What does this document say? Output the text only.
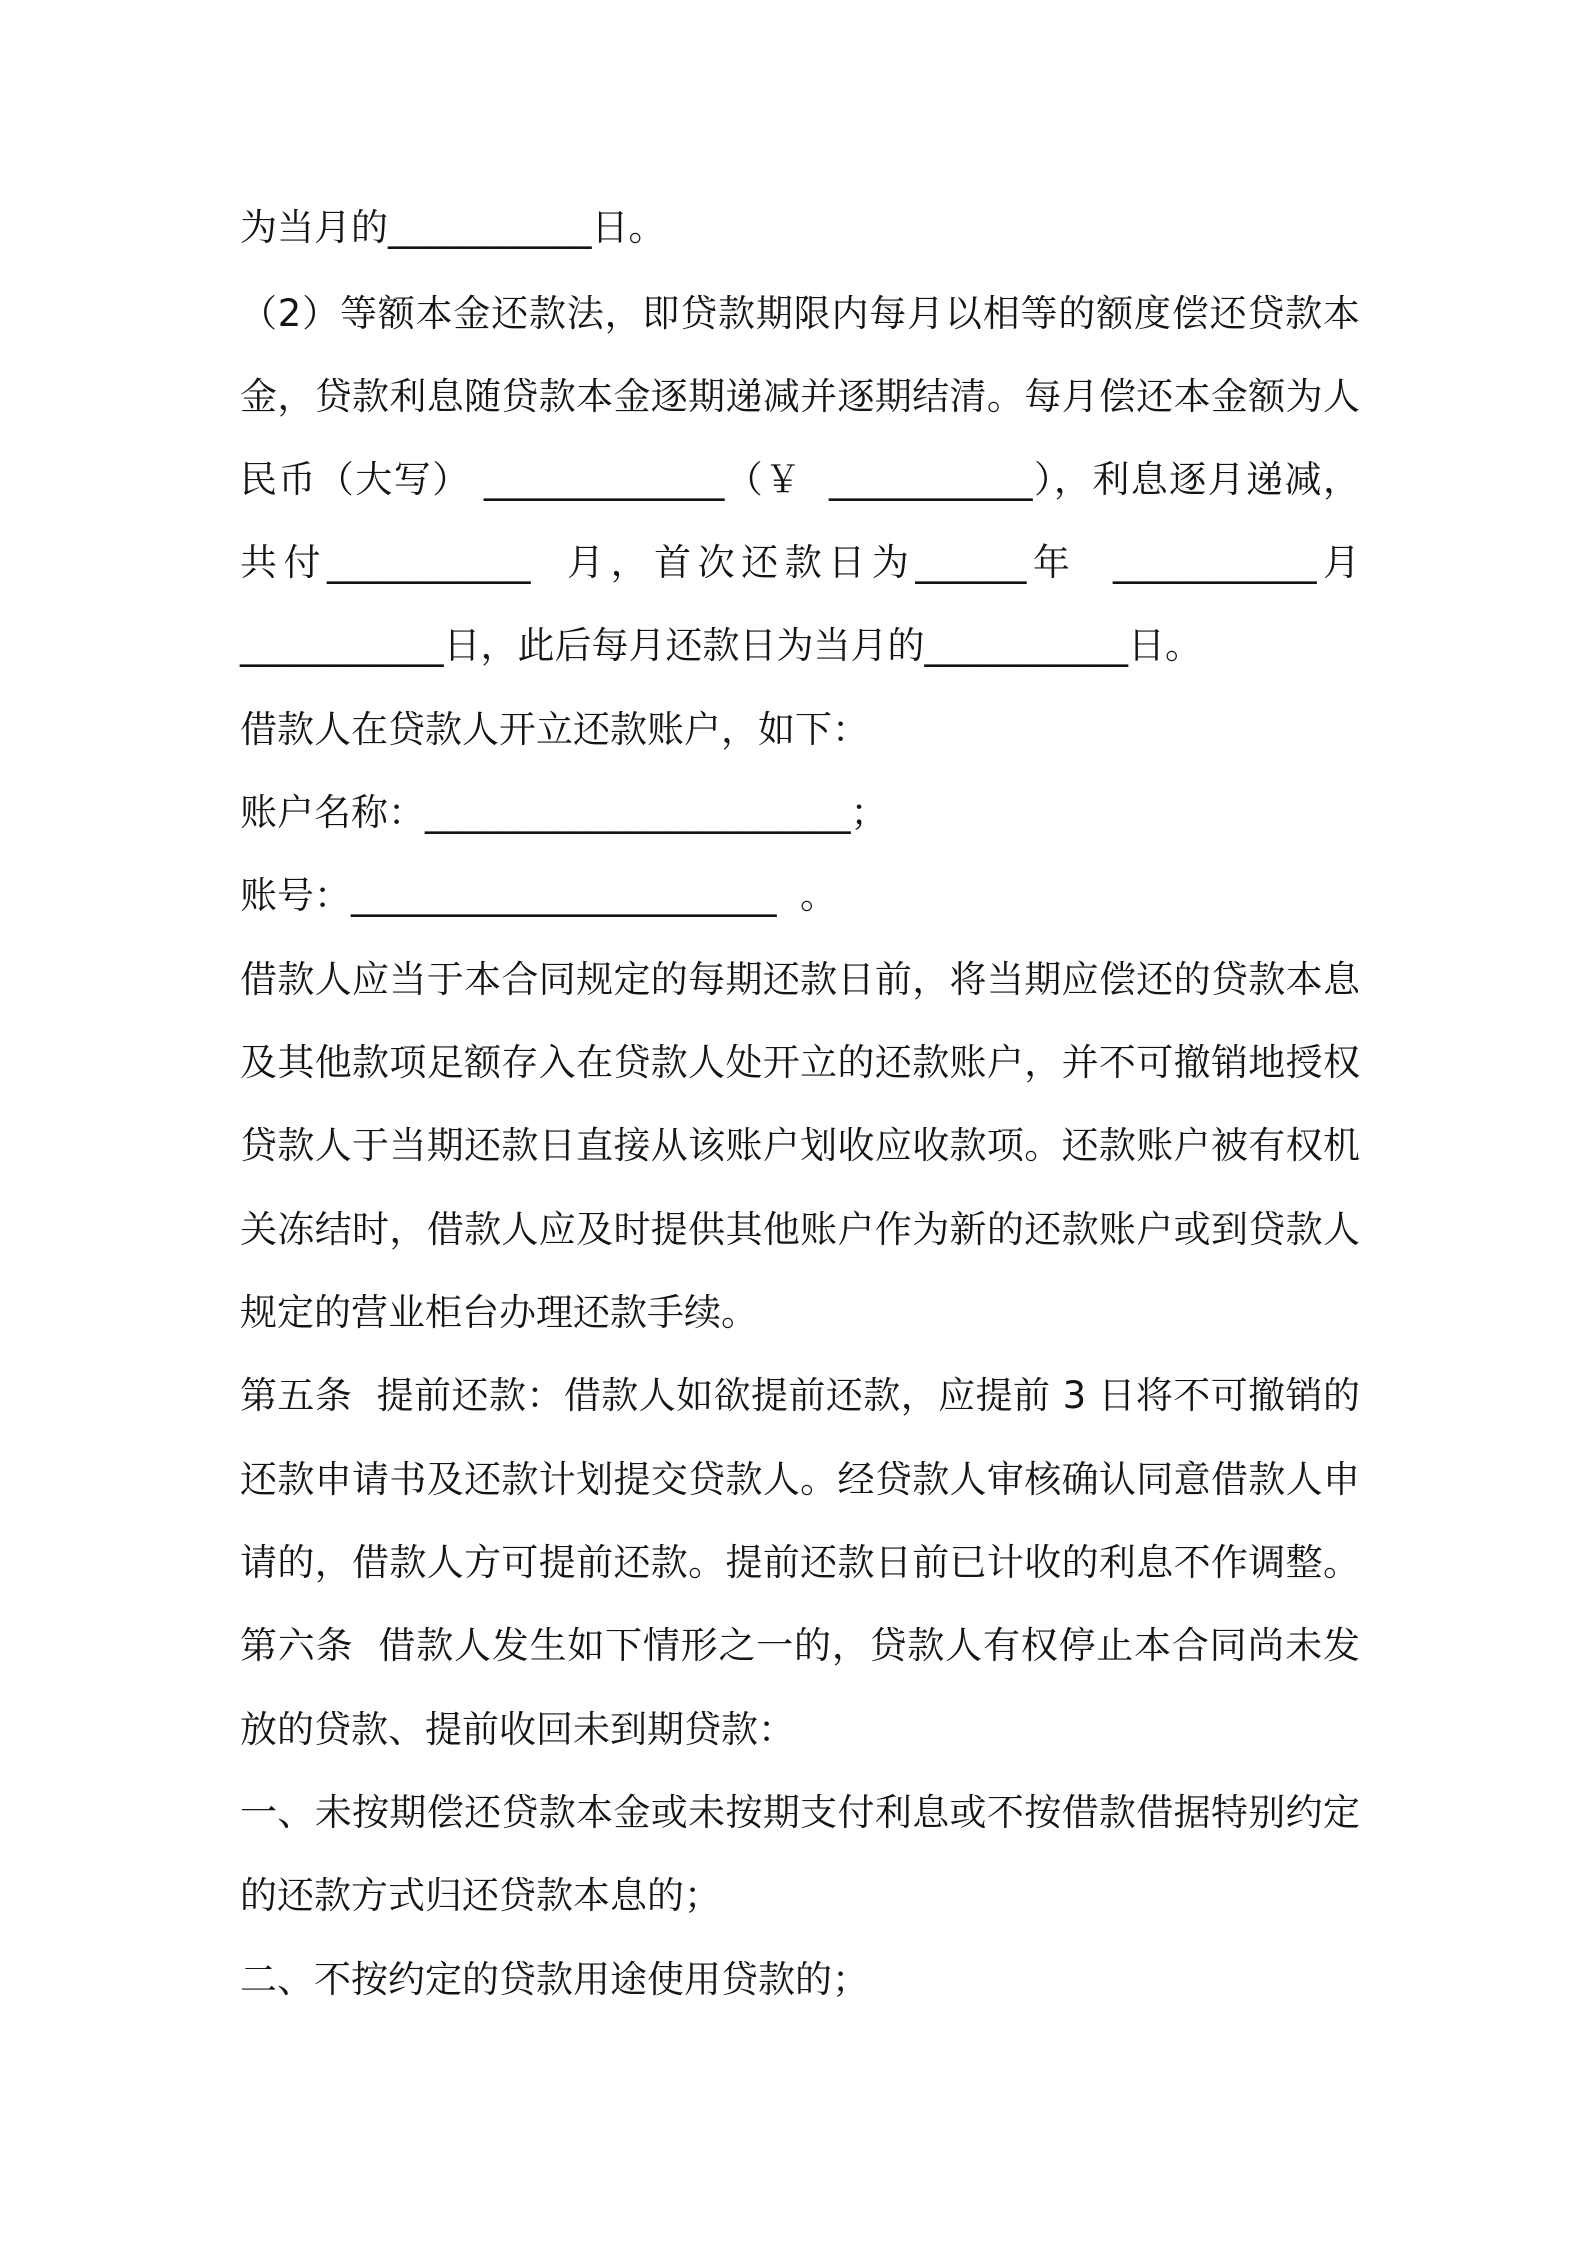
为当月的___________日。
（2）等额本金还款法，即贷款期限内每月以相等的额度偿还贷款本
金，贷款利息随贷款本金逐期递减并逐期结清。每月偿还本金额为人
民币（大写） _____________（￥  ___________），利息逐月递减，
共付___________  月，首次还款日为______年  ___________月
___________日，此后每月还款日为当月的___________日。
借款人在贷款人开立还款账户，如下：
账户名称：_______________________；
账号：_______________________  。
借款人应当于本合同规定的每期还款日前，将当期应偿还的贷款本息
及其他款项足额存入在贷款人处开立的还款账户，并不可撤销地授权
贷款人于当期还款日直接从该账户划收应收款项。还款账户被有权机
关冻结时，借款人应及时提供其他账户作为新的还款账户或到贷款人
规定的营业柜台办理还款手续。
第五条  提前还款：借款人如欲提前还款，应提前 3 日将不可撤销的
还款申请书及还款计划提交贷款人。经贷款人审核确认同意借款人申
请的，借款人方可提前还款。提前还款日前已计收的利息不作调整。
第六条  借款人发生如下情形之一的，贷款人有权停止本合同尚未发
放的贷款、提前收回未到期贷款：
一、未按期偿还贷款本金或未按期支付利息或不按借款借据特别约定
的还款方式归还贷款本息的；
二、不按约定的贷款用途使用贷款的；
